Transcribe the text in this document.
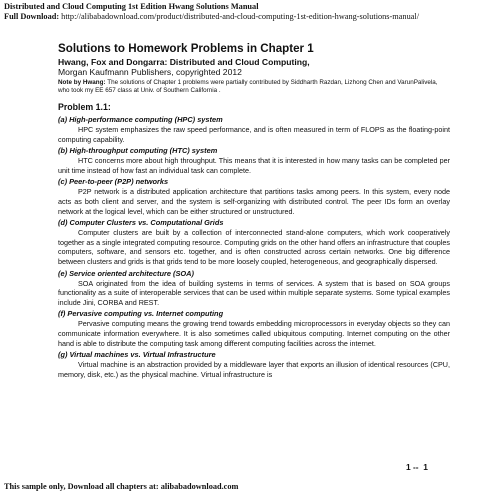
Distributed and Cloud Computing 1st Edition Hwang Solutions Manual
Full Download: http://alibabadownload.com/product/distributed-and-cloud-computing-1st-edition-hwang-solutions-manual/
Solutions to Homework Problems in Chapter 1
Hwang, Fox and Dongarra: Distributed and Cloud Computing,
Morgan Kaufmann Publishers, copyrighted 2012
Note by Hwang: The solutions of Chapter 1 problems were partially contributed by Siddharth Razdan, Lizhong Chen and VarunPalivela, who took my EE 657 class at Univ. of Southern California .
Problem 1.1:
(a) High-performance computing (HPC) system
HPC system emphasizes the raw speed performance, and is often measured in term of FLOPS as the floating-point computing capability.
(b) High-throughput computing (HTC) system
HTC concerns more about high throughput. This means that it is interested in how many tasks can be completed per unit time instead of how fast an individual task can complete.
(c) Peer-to-peer (P2P) networks
P2P network is a distributed application architecture that partitions tasks among peers. In this system, every node acts as both client and server, and the system is self-organizing with distributed control. The peer IDs form an overlay network at the logical level, which can be either structured or unstructured.
(d) Computer Clusters vs. Computational Grids
Computer clusters are built by a collection of interconnected stand-alone computers, which work cooperatively together as a single integrated computing resource. Computing grids on the other hand offers an infrastructure that couples computers, software, and sensors etc. together, and is often constructed across certain networks. One big difference between clusters and grids is that grids tend to be more loosely coupled, heterogeneous, and geographically dispersed.
(e) Service oriented architecture (SOA)
SOA originated from the idea of building systems in terms of services. A system that is based on SOA groups functionality as a suite of interoperable services that can be used within multiple separate systems. Some typical examples include Jini, CORBA and REST.
(f) Pervasive computing vs. Internet computing
Pervasive computing means the growing trend towards embedding microprocessors in everyday objects so they can communicate information everywhere. It is also sometimes called ubiquitous computing. Internet computing on the other hand is able to distribute the computing task among different computing facilities across the internet.
(g) Virtual machines vs. Virtual Infrastructure
Virtual machine is an abstraction provided by a middleware layer that exports an illusion of identical resources (CPU, memory, disk, etc.) as the physical machine. Virtual infrastructure is
1 --  1
This sample only, Download all chapters at: alibabadownload.com
